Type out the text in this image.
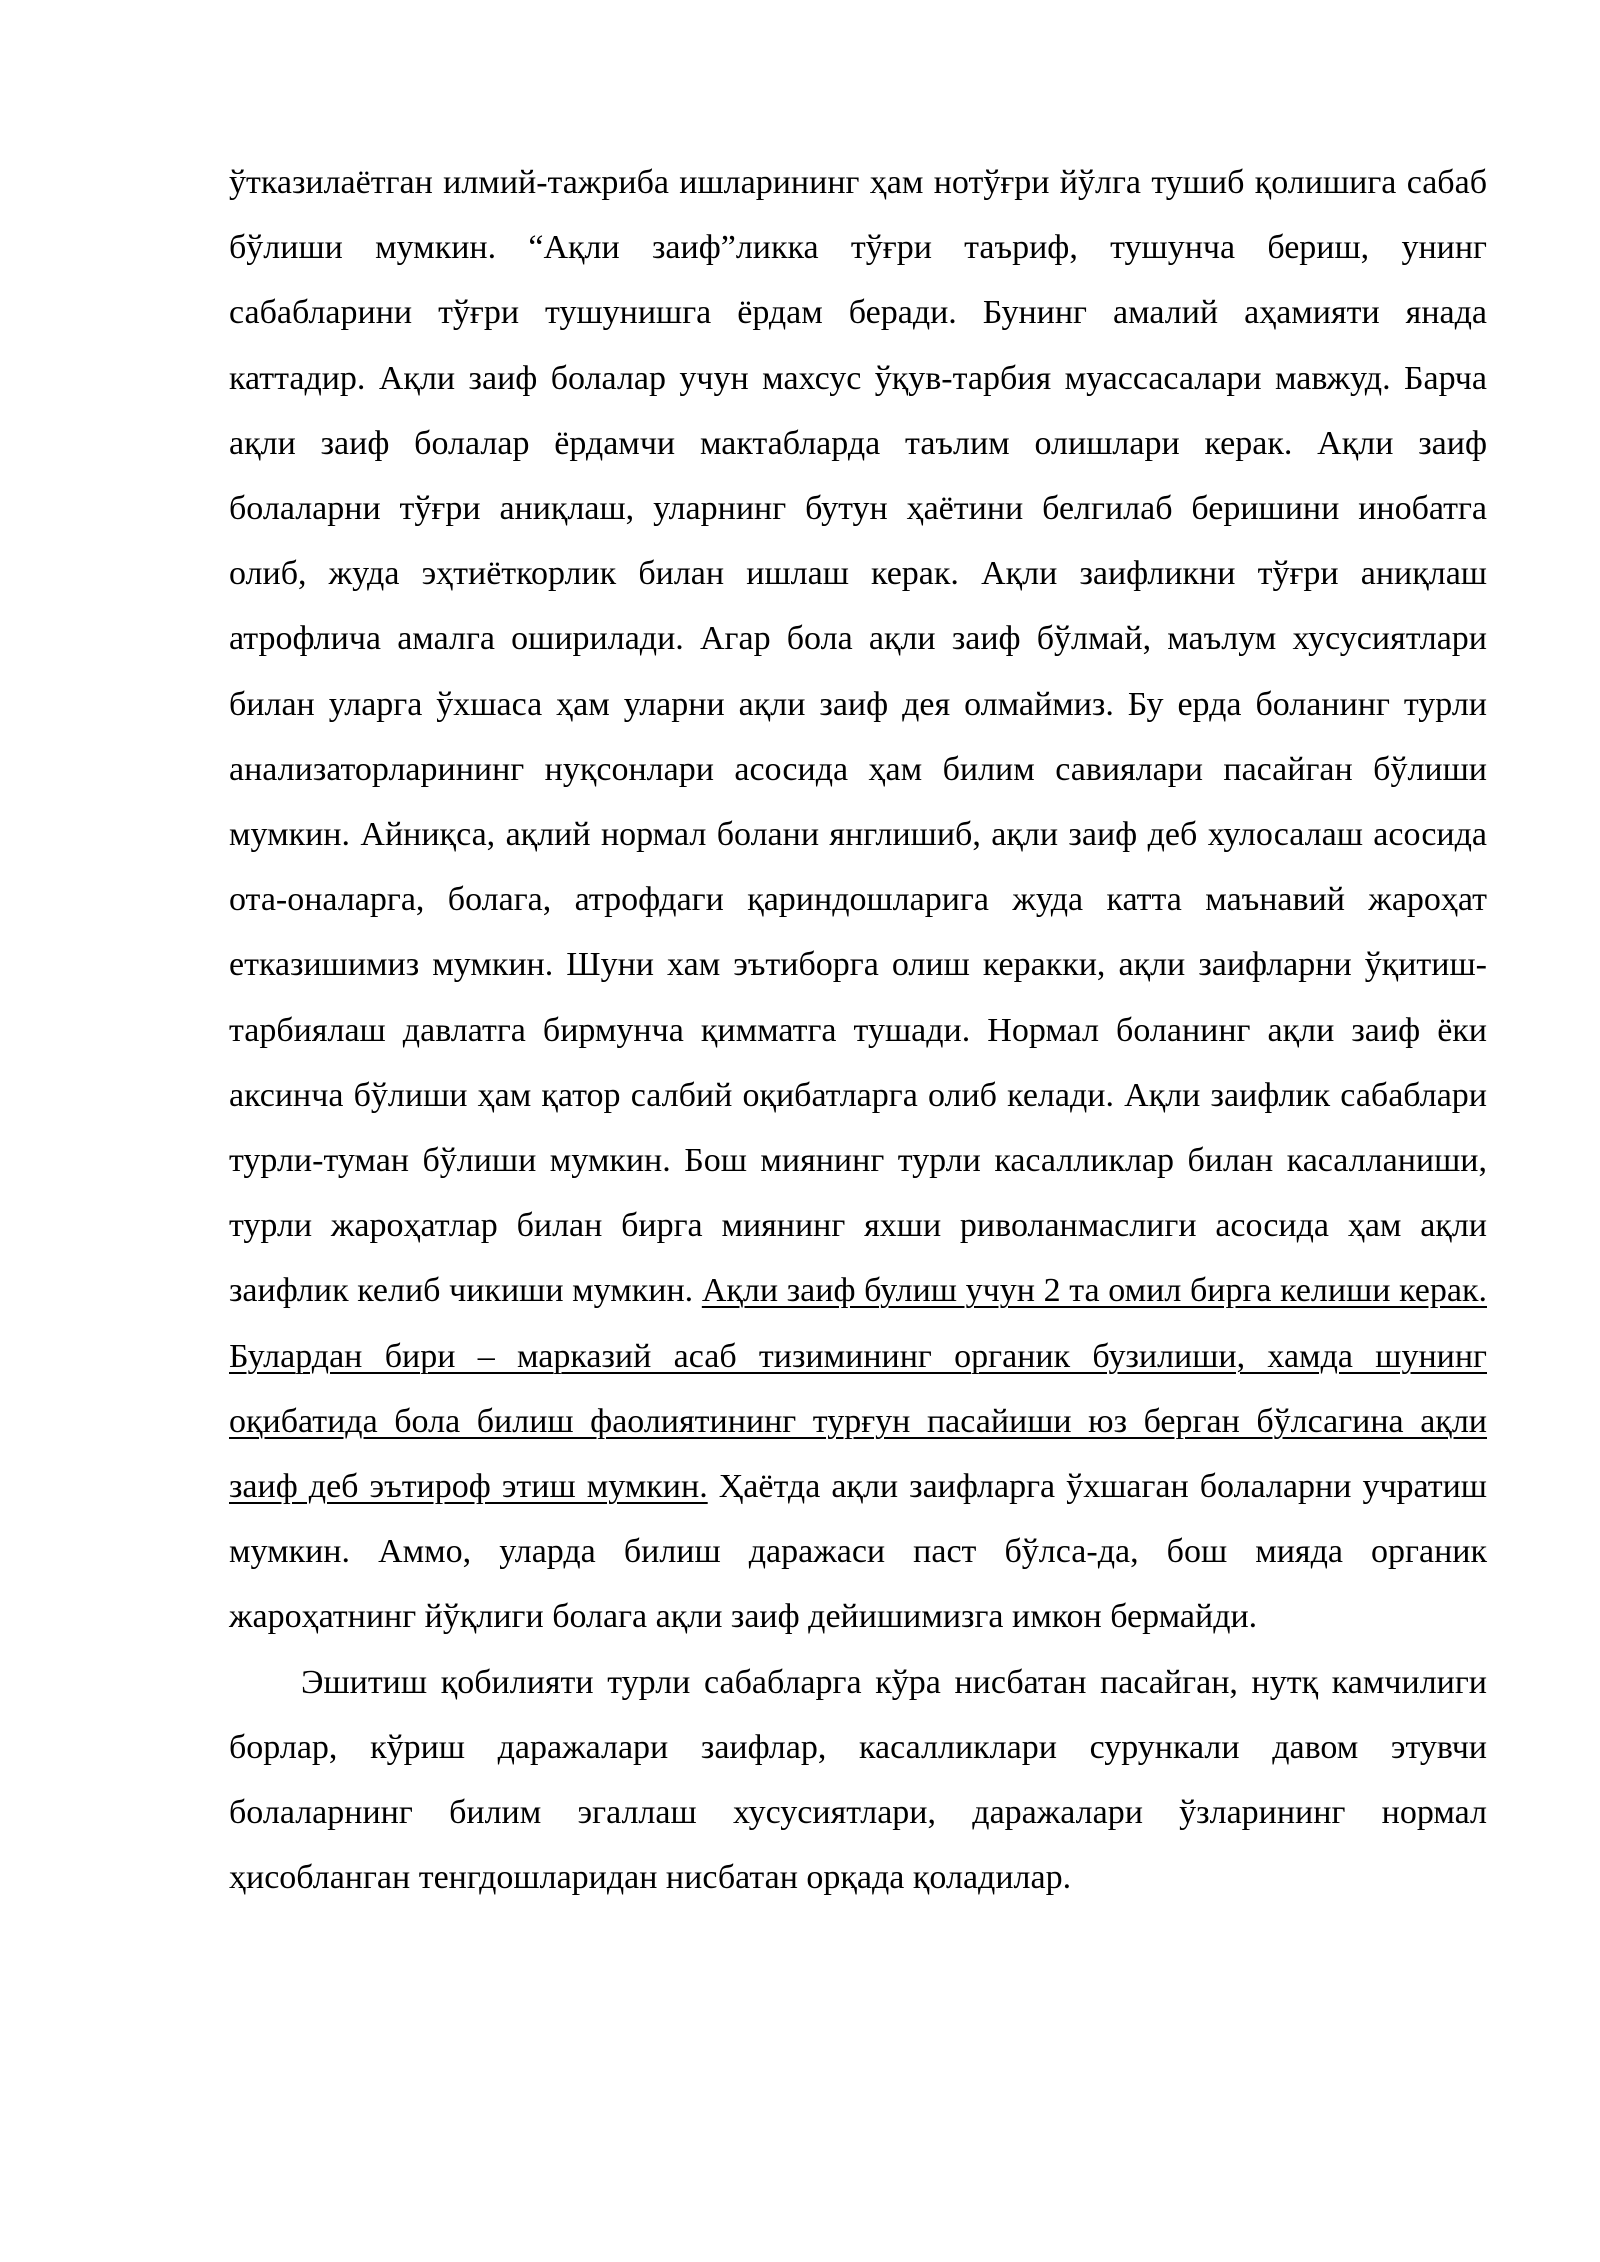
ўтказилаётган илмий-тажриба ишларининг ҳам нотўғри йўлга тушиб қолишига сабаб бўлиши мумкин. “Ақли заиф”ликка тўғри таъриф, тушунча бериш, унинг сабабларини тўғри тушунишга ёрдам беради. Бунинг амалий аҳамияти янада каттадир. Ақли заиф болалар учун махсус ўқув-тарбия муассасалари мавжуд. Барча ақли заиф болалар ёрдамчи мактабларда таълим олишлари керак. Ақли заиф болаларни тўғри аниқлаш, уларнинг бутун ҳаётини белгилаб беришини инобатга олиб, жуда эҳтиёткорлик билан ишлаш керак. Ақли заифликни тўғри аниқлаш атрофлича амалга оширилади. Агар бола ақли заиф бўлмай, маълум хусусиятлари билан уларга ўхшаса ҳам уларни ақли заиф дея олмаймиз. Бу ерда боланинг турли анализаторларининг нуқсонлари асосида ҳам билим савиялари пасайган бўлиши мумкин. Айниқса, ақлий нормал болани янглишиб, ақли заиф деб хулосалаш асосида ота-оналарга, болага, атрофдаги қариндошларига жуда катта маънавий жароҳат етказишимиз мумкин. Шуни хам эътиборга олиш керакки, ақли заифларни ўқитиш-тарбиялаш давлатга бирмунча қимматга тушади. Нормал боланинг ақли заиф ёки аксинча бўлиши ҳам қатор салбий оқибатларга олиб келади. Ақли заифлик сабаблари турли-туман бўлиши мумкин. Бош миянинг турли касалликлар билан касалланиши, турли жароҳатлар билан бирга миянинг яхши риволанмаслиги асосида ҳам ақли заифлик келиб чикиши мумкин. Ақли заиф булиш учун 2 та омил бирга келиши керак. Булардан бири – марказий асаб тизимининг органик бузилиши, хамда шунинг оқибатида бола билиш фаолиятининг турғун пасайиши юз берган бўлсагина ақли заиф деб эътироф этиш мумкин. Ҳаётда ақли заифларга ўхшаган болаларни учратиш мумкин. Аммо, уларда билиш даражаси паст бўлса-да, бош мияда органик жароҳатнинг йўқлиги болага ақли заиф дейишимизга имкон бермайди.

Эшитиш қобилияти турли сабабларга кўра нисбатан пасайган, нутқ камчилиги борлар, кўриш даражалари заифлар, касалликлари сурункали давом этувчи болаларнинг билим эгаллаш хусусиятлари, даражалари ўзларининг нормал ҳисобланган тенгдошларидан нисбатан орқада қоладилар.
